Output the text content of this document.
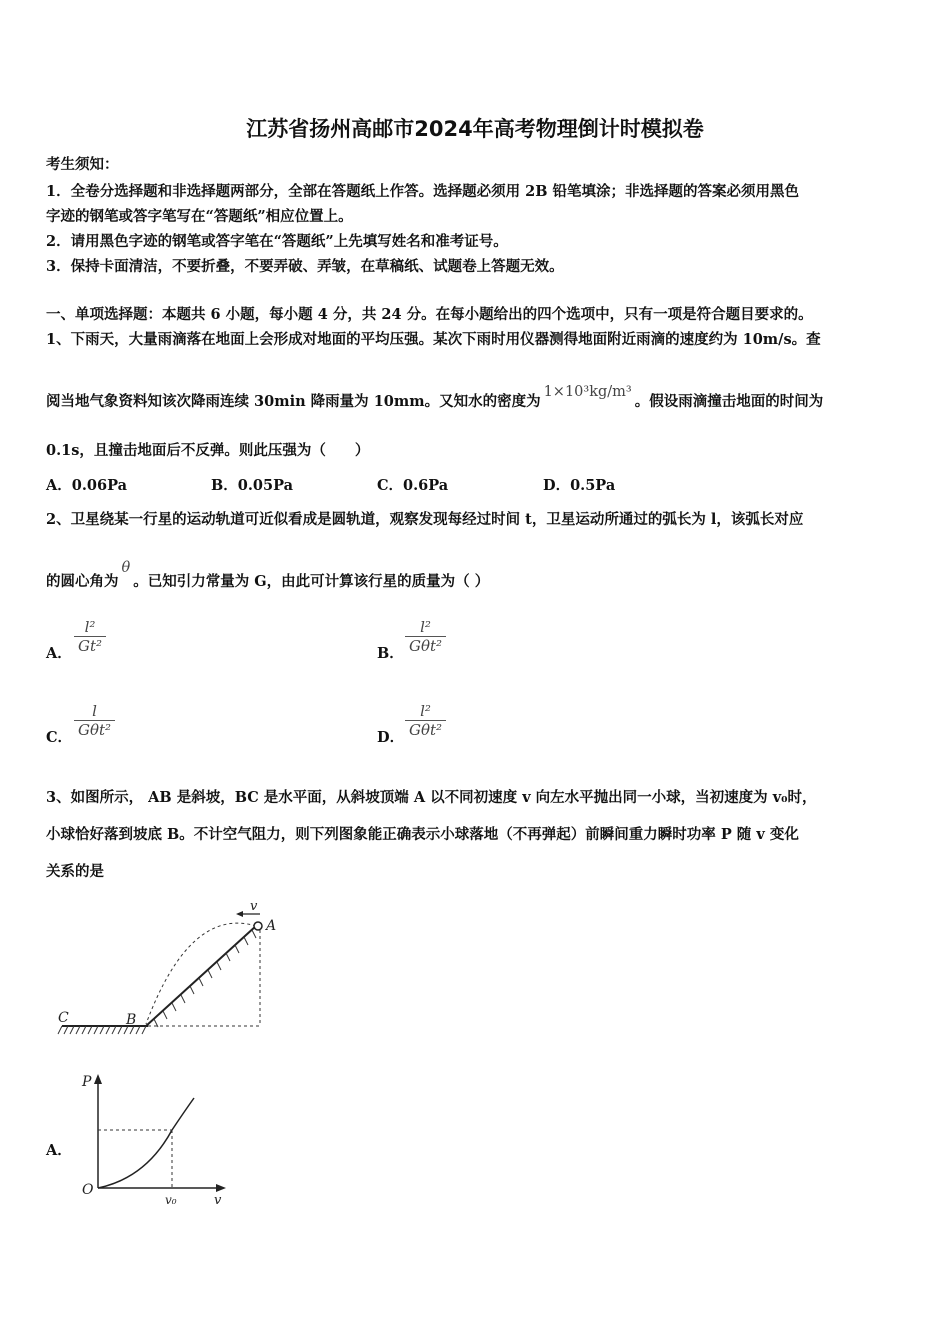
江苏省扬州高邮市2024年高考物理倒计时模拟卷
考生须知：
1．全卷分选择题和非选择题两部分，全部在答题纸上作答。选择题必须用 2B 铅笔填涂；非选择题的答案必须用黑色
字迹的钢笔或答字笔写在“答题纸”相应位置上。
2．请用黑色字迹的钢笔或答字笔在“答题纸”上先填写姓名和准考证号。
3．保持卡面清洁，不要折叠，不要弄破、弄皱，在草稿纸、试题卷上答题无效。
一、单项选择题：本题共 6 小题，每小题 4 分，共 24 分。在每小题给出的四个选项中，只有一项是符合题目要求的。
1、下雨天，大量雨滴落在地面上会形成对地面的平均压强。某次下雨时用仪器测得地面附近雨滴的速度约为 10m/s。查
阅当地气象资料知该次降雨连续 30min 降雨量为 10mm。又知水的密度为1×10³kg/m³。假设雨滴撞击地面的时间为
0.1s，且撞击地面后不反弹。则此压强为（　　）
A．0.06Pa	B．0.05Pa	C．0.6Pa	D．0.5Pa
2、卫星绕某一行星的运动轨道可近似看成是圆轨道，观察发现每经过时间 t，卫星运动所通过的弧长为 l，该弧长对应
的圆心角为θ。已知引力常量为 G，由此可计算该行星的质量为（ ）
A． $\frac{\text{l²}}{\text{Gt²}}$	B．
l²
Gθt²
C．
l
Gθt²	D．
l²
Gθt²
3、如图所示， AB 是斜坡，BC 是水平面，从斜坡顶端 A 以不同初速度 v 向左水平抛出同一小球，当初速度为 v₀时，
小球恰好落到坡底 B。不计空气阻力，则下列图象能正确表示小球落地（不再弹起）前瞬间重力瞬时功率 P 随 v 变化
关系的是
v
A
B
C
A．
P
O
v
v₀
